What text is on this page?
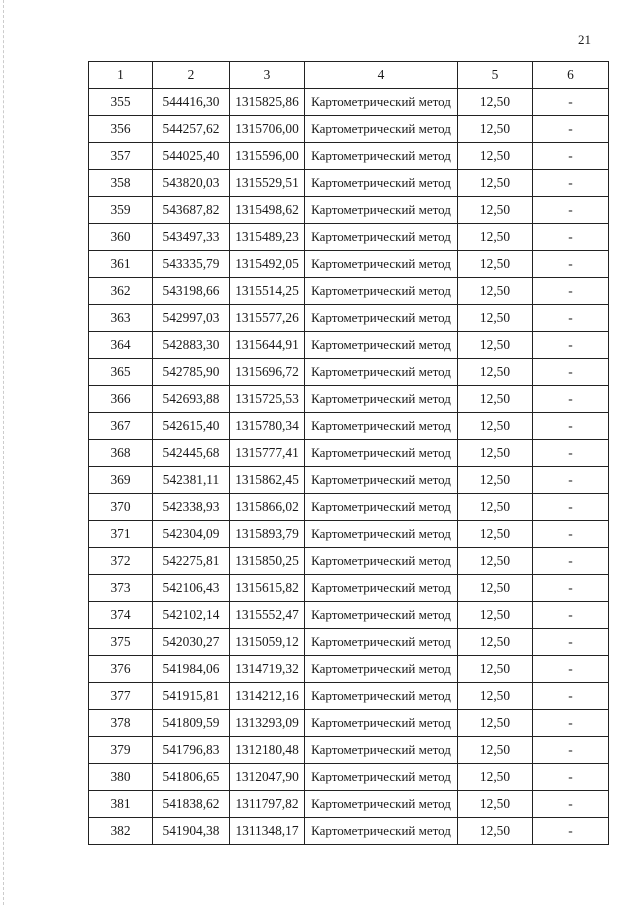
21
1	2	3	4	5	6
355	544416,30	1315825,86	Картометрический метод	12,50	-
356	544257,62	1315706,00	Картометрический метод	12,50	-
357	544025,40	1315596,00	Картометрический метод	12,50	-
358	543820,03	1315529,51	Картометрический метод	12,50	-
359	543687,82	1315498,62	Картометрический метод	12,50	-
360	543497,33	1315489,23	Картометрический метод	12,50	-
361	543335,79	1315492,05	Картометрический метод	12,50	-
362	543198,66	1315514,25	Картометрический метод	12,50	-
363	542997,03	1315577,26	Картометрический метод	12,50	-
364	542883,30	1315644,91	Картометрический метод	12,50	-
365	542785,90	1315696,72	Картометрический метод	12,50	-
366	542693,88	1315725,53	Картометрический метод	12,50	-
367	542615,40	1315780,34	Картометрический метод	12,50	-
368	542445,68	1315777,41	Картометрический метод	12,50	-
369	542381,11	1315862,45	Картометрический метод	12,50	-
370	542338,93	1315866,02	Картометрический метод	12,50	-
371	542304,09	1315893,79	Картометрический метод	12,50	-
372	542275,81	1315850,25	Картометрический метод	12,50	-
373	542106,43	1315615,82	Картометрический метод	12,50	-
374	542102,14	1315552,47	Картометрический метод	12,50	-
375	542030,27	1315059,12	Картометрический метод	12,50	-
376	541984,06	1314719,32	Картометрический метод	12,50	-
377	541915,81	1314212,16	Картометрический метод	12,50	-
378	541809,59	1313293,09	Картометрический метод	12,50	-
379	541796,83	1312180,48	Картометрический метод	12,50	-
380	541806,65	1312047,90	Картометрический метод	12,50	-
381	541838,62	1311797,82	Картометрический метод	12,50	-
382	541904,38	1311348,17	Картометрический метод	12,50	-
